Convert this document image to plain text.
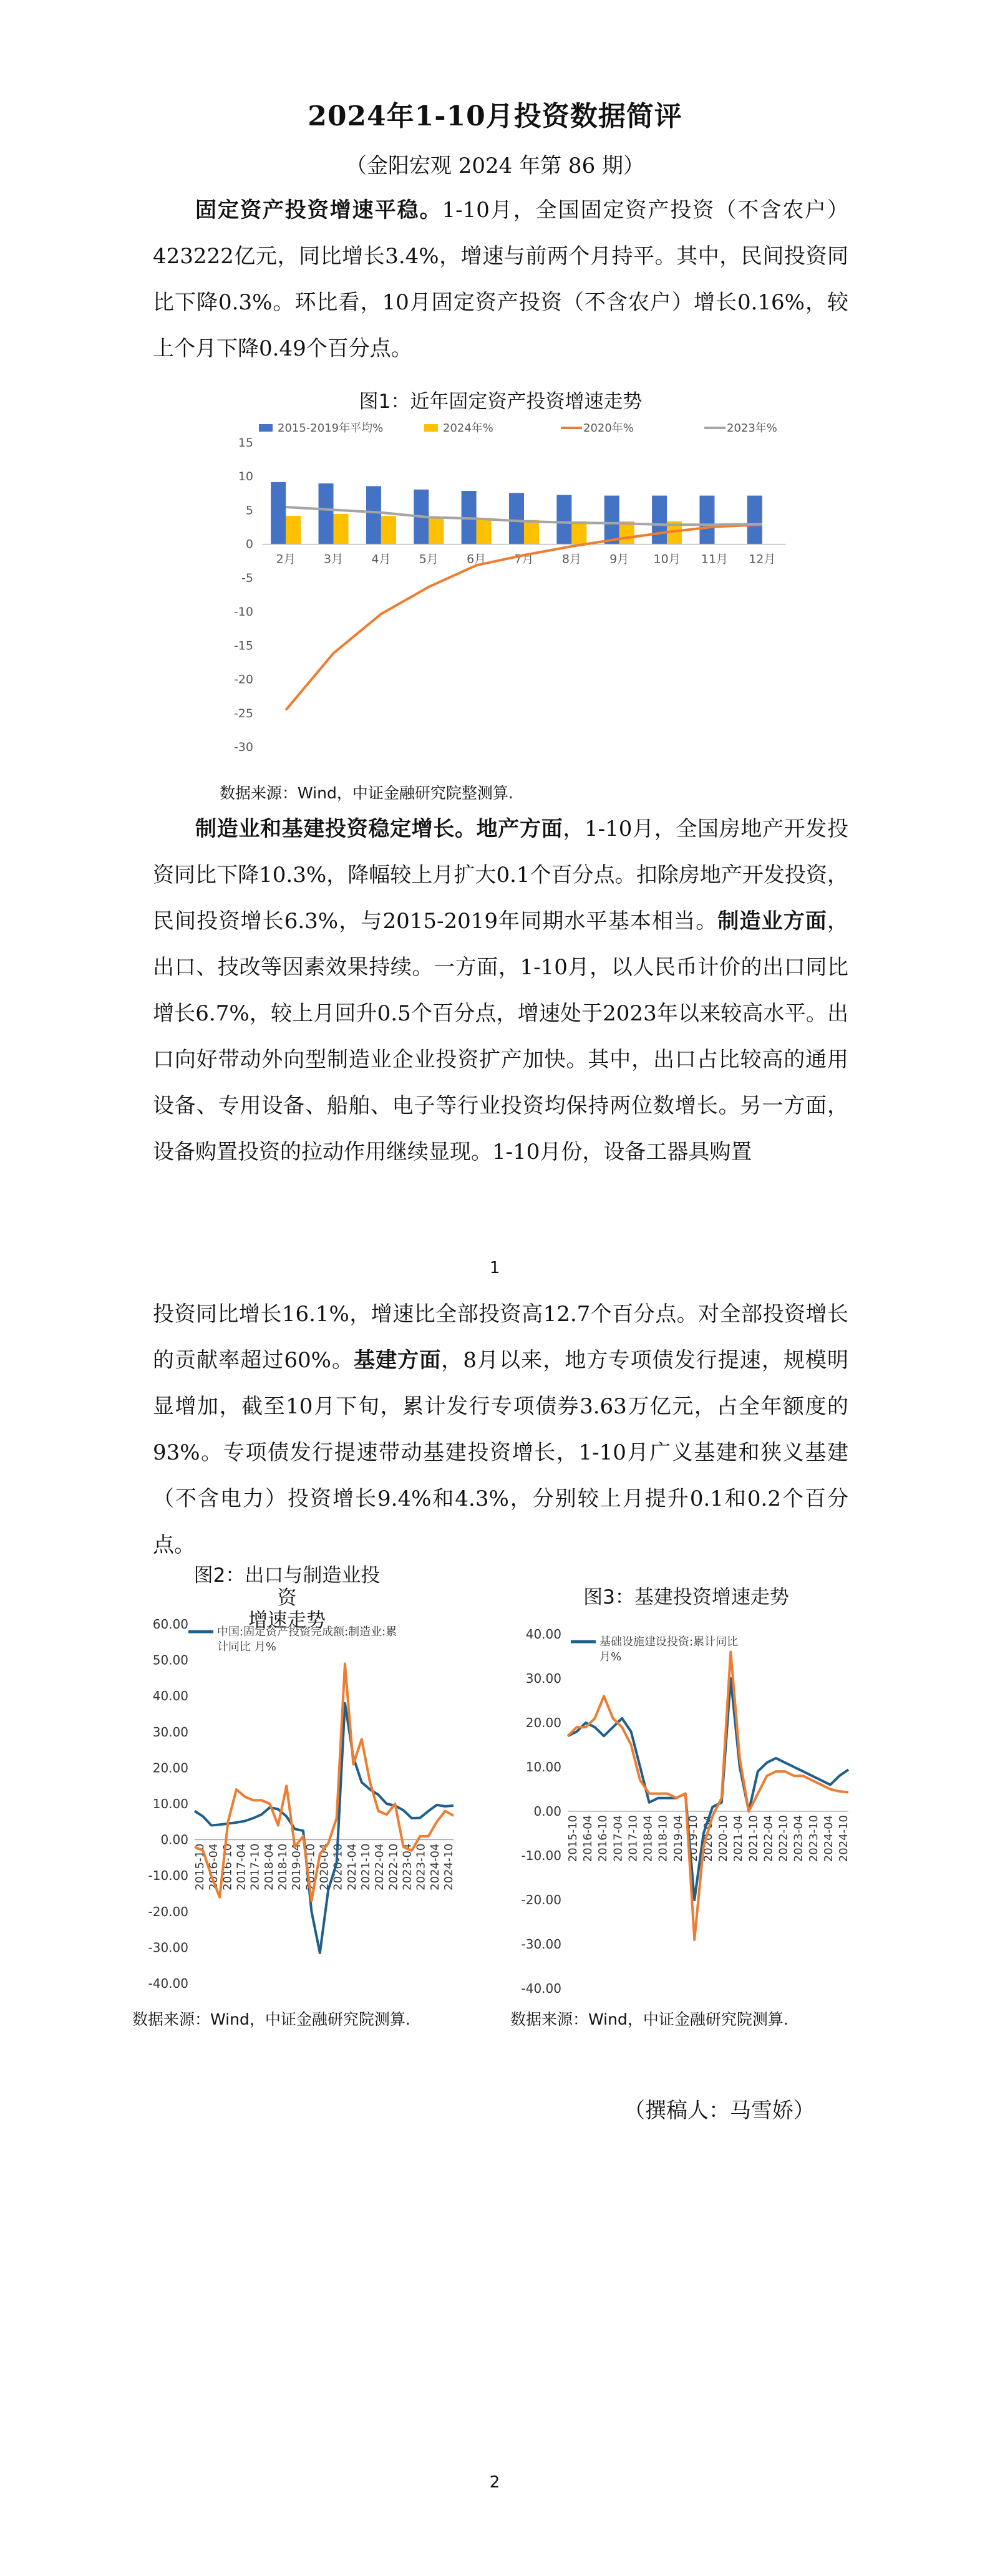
2024年1-10月投资数据简评
（金阳宏观 2024 年第 86 期）

固定资产投资增速平稳。1-10月，全国固定资产投资（不含农户）423222亿元，同比增长3.4%，增速与前两个月持平。其中，民间投资同比下降0.3%。环比看，10月固定资产投资（不含农户）增长0.16%，较上个月下降0.49个百分点。

图1：近年固定资产投资增速走势
2015-2019年平均%	2024年%	2020年%	2023年%
15
10
5
0
-5
-10
-15
-20
-25
-30
2月 3月 4月 5月 6月 7月 8月 9月 10月 11月 12月
数据来源：Wind，中证金融研究院整测算.

制造业和基建投资稳定增长。地产方面，1-10月，全国房地产开发投资同比下降10.3%，降幅较上月扩大0.1个百分点。扣除房地产开发投资，民间投资增长6.3%，与2015-2019年同期水平基本相当。制造业方面，出口、技改等因素效果持续。一方面，1-10月，以人民币计价的出口同比增长6.7%，较上月回升0.5个百分点，增速处于2023年以来较高水平。出口向好带动外向型制造业企业投资扩产加快。其中，出口占比较高的通用设备、专用设备、船舶、电子等行业投资均保持两位数增长。另一方面，设备购置投资的拉动作用继续显现。1-10月份，设备工器具购置

1

投资同比增长16.1%，增速比全部投资高12.7个百分点。对全部投资增长的贡献率超过60%。基建方面，8月以来，地方专项债发行提速，规模明显增加，截至10月下旬，累计发行专项债券3.63万亿元，占全年额度的93%。专项债发行提速带动基建投资增长，1-10月广义基建和狭义基建（不含电力）投资增长9.4%和4.3%，分别较上月提升0.1和0.2个百分点。

图2：出口与制造业投资
增速走势
图3：基建投资增速走势
60.00
50.00
40.00
30.00
20.00
10.00
0.00
-10.00
-20.00
-30.00
-40.00
2015-10 2016-04 2016-10 2017-04 2017-10 2018-04 2018-10 2019-04 2019-10 2020-04 2020-10 2021-04 2021-10 2022-04 2022-10 2023-04 2023-10 2024-04 2024-10
中国:固定资产投资完成额:制造业:累
计同比 月%
40.00
30.00
20.00
10.00
0.00
-10.00
-20.00
-30.00
-40.00
2015-10 2016-04 2016-10 2017-04 2017-10 2018-04 2018-10 2019-04 2019-10 2020-04 2020-10 2021-04 2021-10 2022-04 2022-10 2023-04 2023-10 2024-04 2024-10
基础设施建设投资:累计同比
月%
数据来源：Wind，中证金融研究院测算.	数据来源：Wind，中证金融研究院测算.
（撰稿人：马雪娇）
2
